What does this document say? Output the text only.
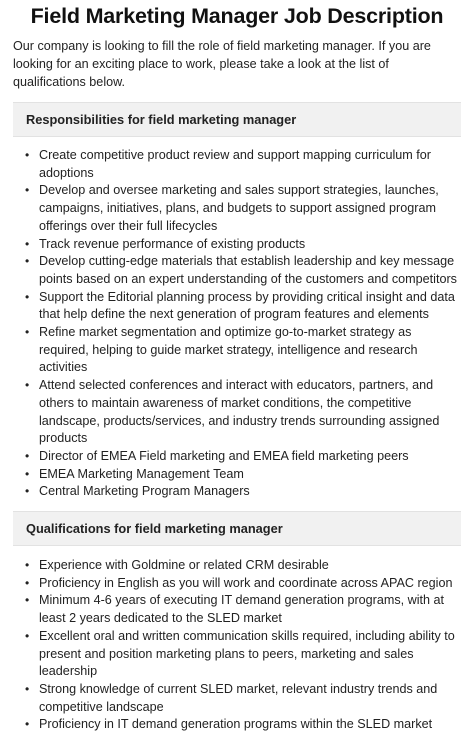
Field Marketing Manager Job Description

Our company is looking to fill the role of field marketing manager. If you are looking for an exciting place to work, please take a look at the list of qualifications below.

Responsibilities for field marketing manager
• Create competitive product review and support mapping curriculum for adoptions
• Develop and oversee marketing and sales support strategies, launches, campaigns, initiatives, plans, and budgets to support assigned program offerings over their full lifecycles
• Track revenue performance of existing products
• Develop cutting-edge materials that establish leadership and key message points based on an expert understanding of the customers and competitors
• Support the Editorial planning process by providing critical insight and data that help define the next generation of program features and elements
• Refine market segmentation and optimize go-to-market strategy as required, helping to guide market strategy, intelligence and research activities
• Attend selected conferences and interact with educators, partners, and others to maintain awareness of market conditions, the competitive landscape, products/services, and industry trends surrounding assigned products
• Director of EMEA Field marketing and EMEA field marketing peers
• EMEA Marketing Management Team
• Central Marketing Program Managers
Qualifications for field marketing manager
• Experience with Goldmine or related CRM desirable
• Proficiency in English as you will work and coordinate across APAC region
• Minimum 4-6 years of executing IT demand generation programs, with at least 2 years dedicated to the SLED market
• Excellent oral and written communication skills required, including ability to present and position marketing plans to peers, marketing and sales leadership
• Strong knowledge of current SLED market, relevant industry trends and competitive landscape
• Proficiency in IT demand generation programs within the SLED market
